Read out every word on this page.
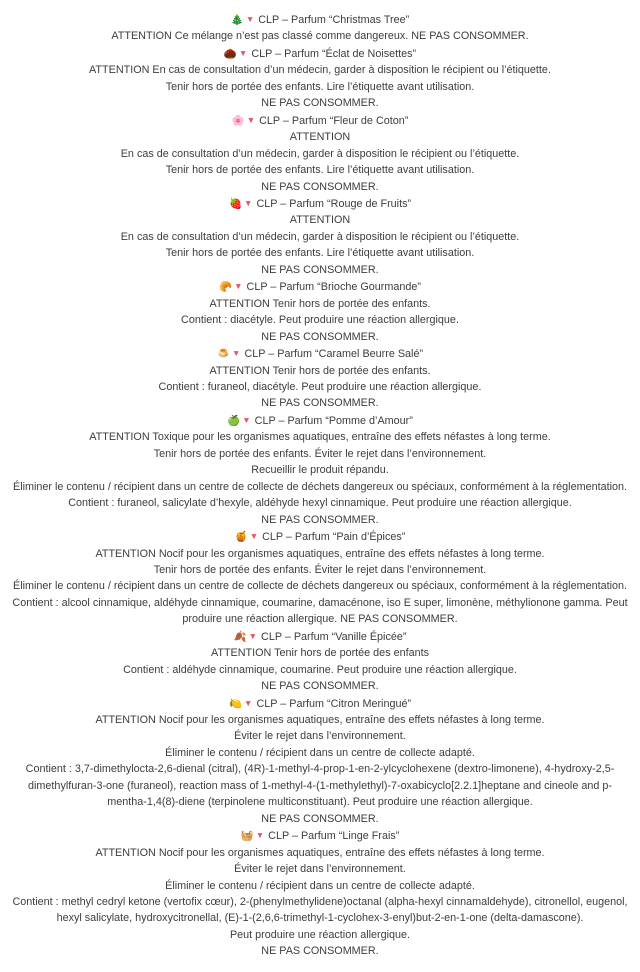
🎄 ▼ CLP – Parfum “Christmas Tree”
ATTENTION Ce mélange n’est pas classé comme dangereux. NE PAS CONSOMMER.
🌰 ▼ CLP – Parfum “Éclat de Noisettes”
ATTENTION En cas de consultation d’un médecin, garder à disposition le récipient ou l’étiquette.
Tenir hors de portée des enfants. Lire l’étiquette avant utilisation.
NE PAS CONSOMMER.
🌸 ▼ CLP – Parfum “Fleur de Coton”
ATTENTION
En cas de consultation d’un médecin, garder à disposition le récipient ou l’étiquette.
Tenir hors de portée des enfants. Lire l’étiquette avant utilisation.
NE PAS CONSOMMER.
🍓 ▼ CLP – Parfum “Rouge de Fruits”
ATTENTION
En cas de consultation d’un médecin, garder à disposition le récipient ou l’étiquette.
Tenir hors de portée des enfants. Lire l’étiquette avant utilisation.
NE PAS CONSOMMER.
🥐 ▼ CLP – Parfum “Brioche Gourmande”
ATTENTION Tenir hors de portée des enfants.
Contient : diacétyle. Peut produire une réaction allergique.
NE PAS CONSOMMER.
🍮 ▼ CLP – Parfum “Caramel Beurre Salé”
ATTENTION Tenir hors de portée des enfants.
Contient : furaneol, diacétyle. Peut produire une réaction allergique.
NE PAS CONSOMMER.
🍏 ▼ CLP – Parfum “Pomme d’Amour”
ATTENTION Toxique pour les organismes aquatiques, entraîne des effets néfastes à long terme.
Tenir hors de portée des enfants. Éviter le rejet dans l’environnement.
Recueillir le produit répandu.
Éliminer le contenu / récipient dans un centre de collecte de déchets dangereux ou spéciaux, conformément à la réglementation.
Contient : furaneol, salicylate d’hexyle, aldéhyde hexyl cinnamique. Peut produire une réaction allergique.
NE PAS CONSOMMER.
🍯 ▼ CLP – Parfum “Pain d’Épices”
ATTENTION Nocif pour les organismes aquatiques, entraîne des effets néfastes à long terme.
Tenir hors de portée des enfants. Éviter le rejet dans l’environnement.
Éliminer le contenu / récipient dans un centre de collecte de déchets dangereux ou spéciaux, conformément à la réglementation.
Contient : alcool cinnamique, aldéhyde cinnamique, coumarine, damacénone, iso E super, limonène, méthylionone gamma. Peut produire une réaction allergique. NE PAS CONSOMMER.
🍂 ▼ CLP – Parfum “Vanille Épicée”
ATTENTION Tenir hors de portée des enfants
Contient : aldéhyde cinnamique, coumarine. Peut produire une réaction allergique.
NE PAS CONSOMMER.
🍋 ▼ CLP – Parfum “Citron Meringué”
ATTENTION Nocif pour les organismes aquatiques, entraîne des effets néfastes à long terme.
Éviter le rejet dans l’environnement.
Éliminer le contenu / récipient dans un centre de collecte adapté.
Contient : 3,7-dimethylocta-2,6-dienal (citral), (4R)-1-methyl-4-prop-1-en-2-ylcyclohexene (dextro-limonene), 4-hydroxy-2,5-dimethylfuran-3-one (furaneol), reaction mass of 1-methyl-4-(1-methylethyl)-7-oxabicyclo[2.2.1]heptane and cineole and p-mentha-1,4(8)-diene (terpinolene multiconstituant). Peut produire une réaction allergique.
NE PAS CONSOMMER.
🧺 ▼ CLP – Parfum “Linge Frais”
ATTENTION Nocif pour les organismes aquatiques, entraîne des effets néfastes à long terme.
Éviter le rejet dans l’environnement.
Éliminer le contenu / récipient dans un centre de collecte adapté.
Contient : methyl cedryl ketone (vertofix cœur), 2-(phenylmethylidene)octanal (alpha-hexyl cinnamaldehyde), citronellol, eugenol, hexyl salicylate, hydroxycitronellal, (E)-1-(2,6,6-trimethyl-1-cyclohex-3-enyl)but-2-en-1-one (delta-damascone).
Peut produire une réaction allergique.
NE PAS CONSOMMER.
